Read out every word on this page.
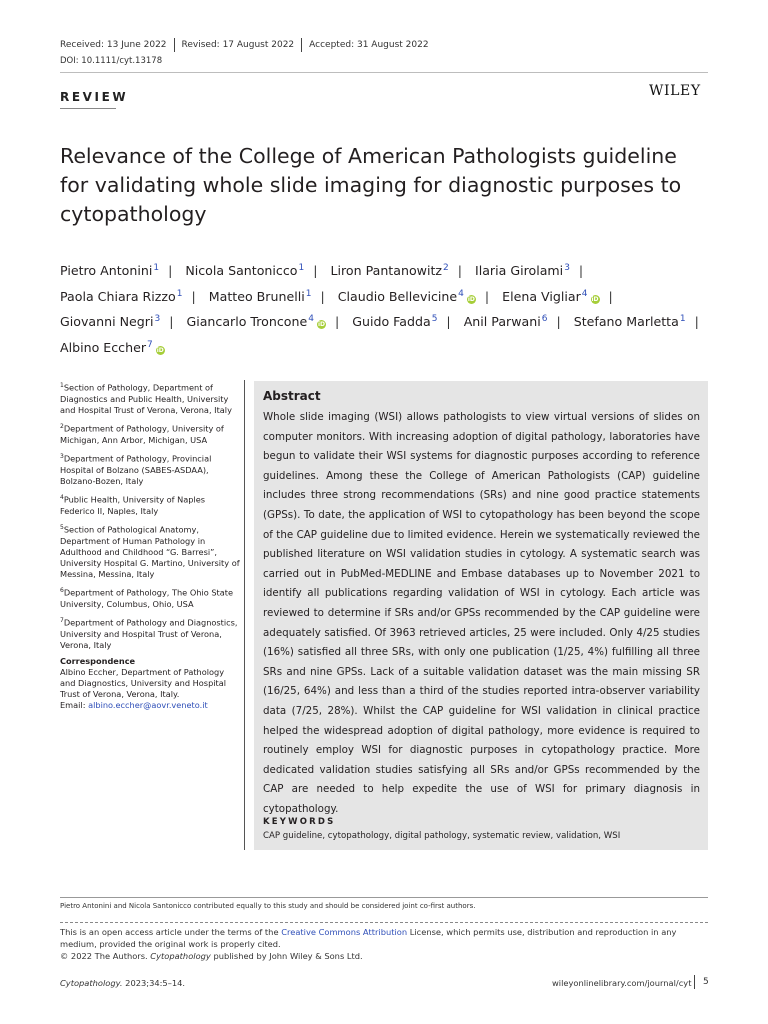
Received: 13 June 2022 Revised: 17 August 2022 Accepted: 31 August 2022
DOI: 10.1111/cyt.13178
REVIEW	WILEY
Relevance of the College of American Pathologists guideline for validating whole slide imaging for diagnostic purposes to cytopathology
Pietro Antonini$^1$ | Nicola Santonicco$^1$ | Liron Pantanowitz$^2$ | Ilaria Girolami$^3$ | Paola Chiara Rizzo$^1$ | Matteo Brunelli$^1$ | Claudio Bellevicine$^4$iD | Elena Vigliar$^4$iD | Giovanni Negri$^3$ | Giancarlo Troncone$^4$iD | Guido Fadda$^5$ | Anil Parwani$^6$ | Stefano Marletta$^1$ | Albino Eccher$^7$iD
$^1$Section of Pathology, Department of Diagnostics and Public Health, University and Hospital Trust of Verona, Verona, Italy
$^2$Department of Pathology, University of Michigan, Ann Arbor, Michigan, USA
$^3$Department of Pathology, Provincial Hospital of Bolzano (SABES-ASDAA), Bolzano-Bozen, Italy
$^4$Public Health, University of Naples Federico II, Naples, Italy
$^5$Section of Pathological Anatomy, Department of Human Pathology in Adulthood and Childhood “G. Barresi”, University Hospital G. Martino, University of Messina, Messina, Italy
$^6$Department of Pathology, The Ohio State University, Columbus, Ohio, USA
$^7$Department of Pathology and Diagnostics, University and Hospital Trust of Verona, Verona, Italy
Correspondence
Albino Eccher, Department of Pathology and Diagnostics, University and Hospital Trust of Verona, Verona, Italy.
Email: albino.eccher@aovr.veneto.it
Abstract
Whole slide imaging (WSI) allows pathologists to view virtual versions of slides on computer monitors. With increasing adoption of digital pathology, laboratories have begun to validate their WSI systems for diagnostic purposes according to reference guidelines. Among these the College of American Pathologists (CAP) guideline includes three strong recommendations (SRs) and nine good practice statements (GPSs). To date, the application of WSI to cytopathology has been beyond the scope of the CAP guideline due to limited evidence. Herein we systematically reviewed the published literature on WSI validation studies in cytology. A systematic search was carried out in PubMed-MEDLINE and Embase databases up to November 2021 to identify all publications regarding validation of WSI in cytology. Each article was reviewed to determine if SRs and/or GPSs recommended by the CAP guideline were adequately satisfied. Of 3963 retrieved articles, 25 were included. Only 4/25 studies (16%) satisfied all three SRs, with only one publication (1/25, 4%) fulfilling all three SRs and nine GPSs. Lack of a suitable validation dataset was the main missing SR (16/25, 64%) and less than a third of the studies reported intra-observer variability data (7/25, 28%). Whilst the CAP guideline for WSI validation in clinical practice helped the widespread adoption of digital pathology, more evidence is required to routinely employ WSI for diagnostic purposes in cytopathology practice. More dedicated validation studies satisfying all SRs and/or GPSs recommended by the CAP are needed to help expedite the use of WSI for primary diagnosis in cytopathology.
KEYWORDS
CAP guideline, cytopathology, digital pathology, systematic review, validation, WSI
Pietro Antonini and Nicola Santonicco contributed equally to this study and should be considered joint co-first authors.
This is an open access article under the terms of the Creative Commons Attribution License, which permits use, distribution and reproduction in any medium, provided the original work is properly cited.
© 2022 The Authors. Cytopathology published by John Wiley & Sons Ltd.
Cytopathology. 2023;34:5–14.	wileyonlinelibrary.com/journal/cyt 5
